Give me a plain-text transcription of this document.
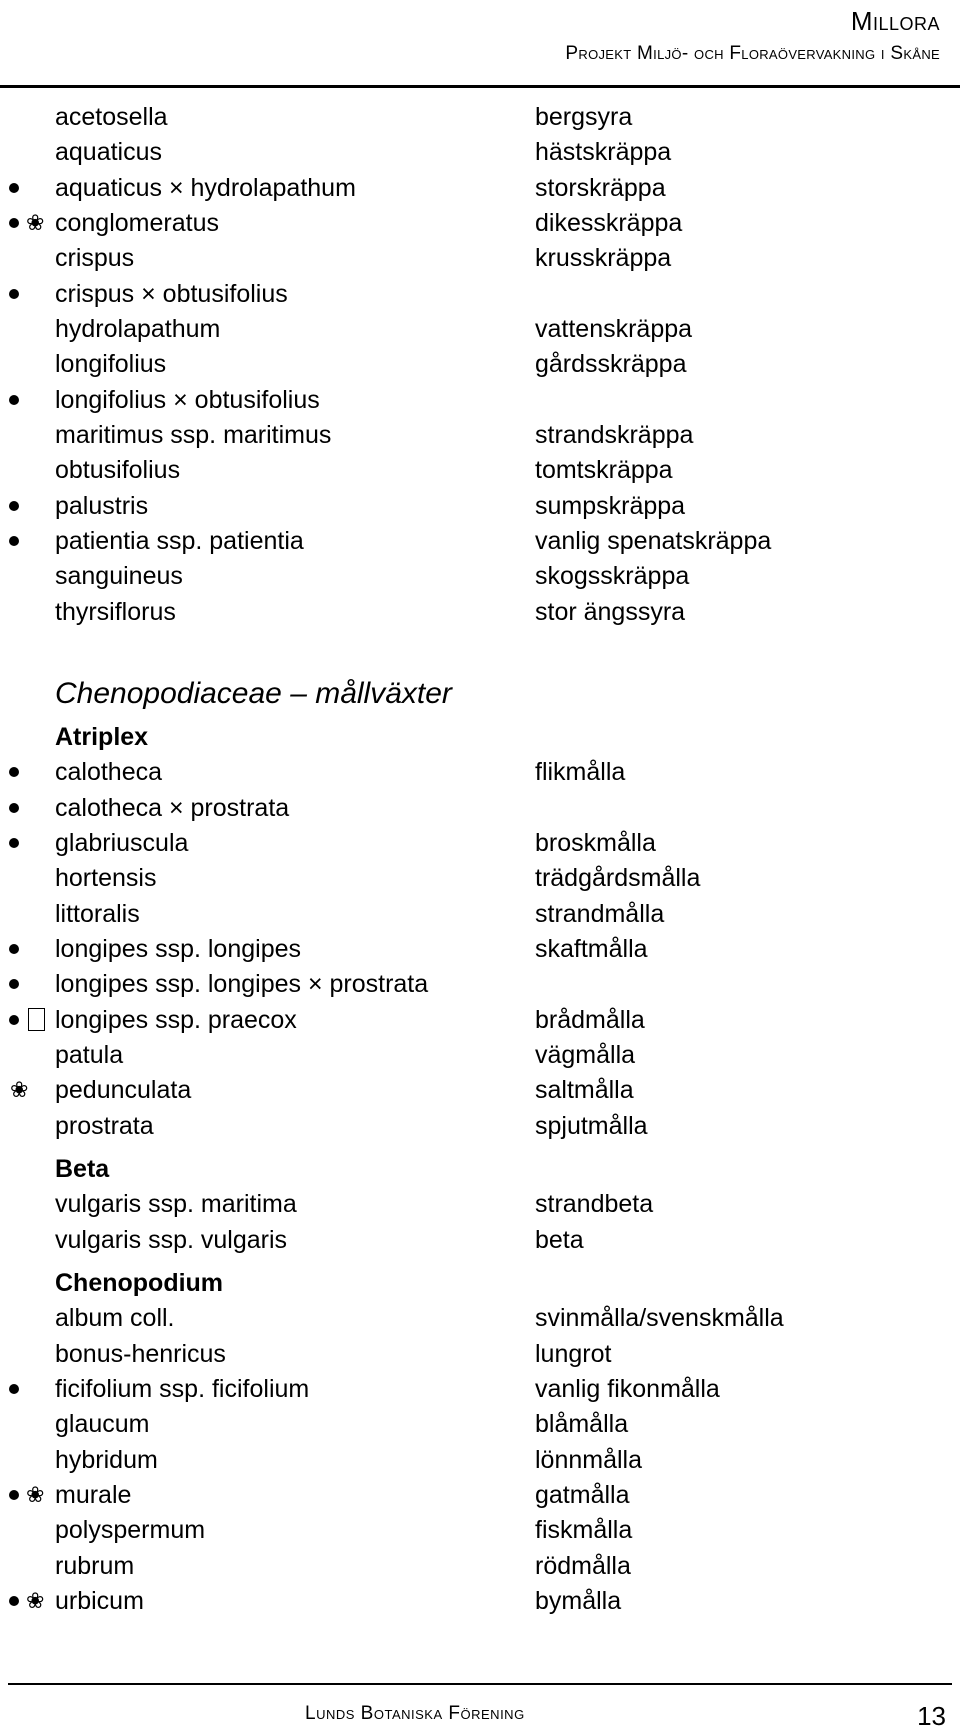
Millora
Projekt Miljö- och Floraövervakning i Skåne
acetosella	bergsyra
aquaticus	hästskräppa
aquaticus × hydrolapathum	storskräppa
❀ conglomeratus	dikesskräppa
crispus	krusskräppa
crispus × obtusifolius
hydrolapathum	vattenskräppa
longifolius	gårdsskräppa
longifolius × obtusifolius
maritimus ssp. maritimus	strandskräppa
obtusifolius	tomtskräppa
palustris	sumpskräppa
patientia ssp. patientia	vanlig spenatskräppa
sanguineus	skogsskräppa
thyrsiflorus	stor ängssyra
Chenopodiaceae – mållväxter
Atriplex
calotheca	flikmålla
calotheca × prostrata
glabriuscula	broskmålla
hortensis	trädgårdsmålla
littoralis	strandmålla
longipes ssp. longipes	skaftmålla
longipes ssp. longipes × prostrata
longipes ssp. praecox	brådmålla
patula	vägmålla
❀ pedunculata	saltmålla
prostrata	spjutmålla
Beta
vulgaris ssp. maritima	strandbeta
vulgaris ssp. vulgaris	beta
Chenopodium
album coll.	svinmålla/svenskmålla
bonus-henricus	lungrot
ficifolium ssp. ficifolium	vanlig fikonmålla
glaucum	blåmålla
hybridum	lönnmålla
❀ murale	gatmålla
polyspermum	fiskmålla
rubrum	rödmålla
❀ urbicum	bymålla
Lunds Botaniska Förening	13
